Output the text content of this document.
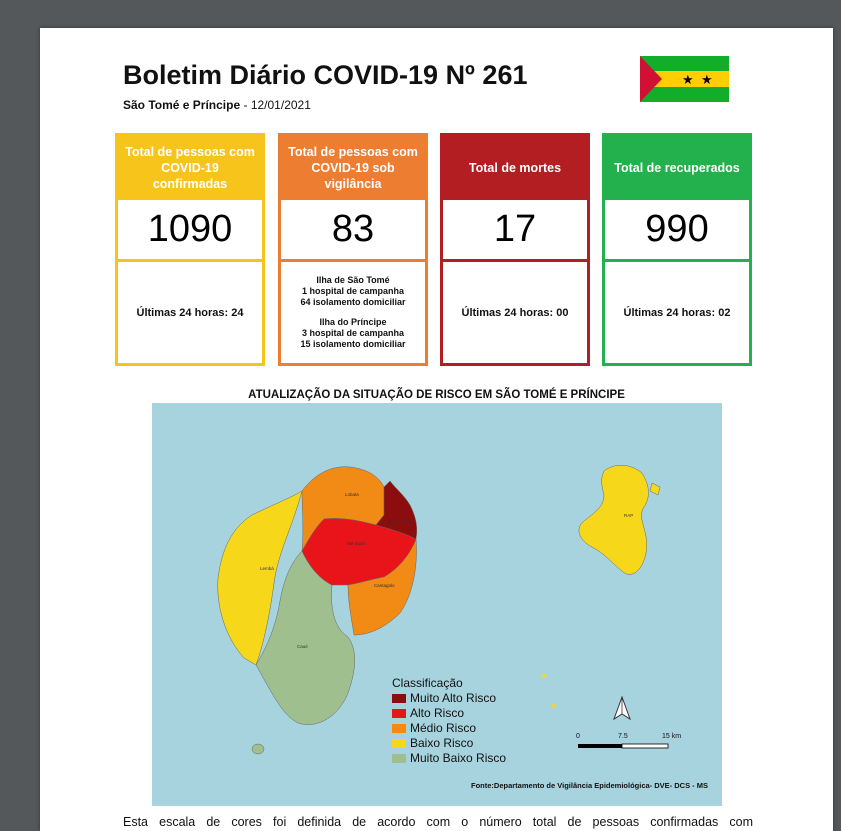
Boletim Diário COVID-19 Nº 261
São Tomé e Príncipe - 12/01/2021
★ ★
Total de pessoas com COVID-19 confirmadas
1090
Últimas 24 horas: 24
Total de pessoas com COVID-19 sob vigilância
83
Ilha de São Tomé
1 hospital de campanha
64 isolamento domiciliar
Ilha do Príncipe
3 hospital de campanha
15 isolamento domiciliar
Total de mortes
17
Últimas 24 horas: 00
Total de recuperados
990
Últimas 24 horas: 02
ATUALIZAÇÃO DA SITUAÇÃO DE RISCO EM SÃO TOMÉ E PRÍNCIPE
Lobata
Água Grande
Mé-Zochi
Cantagalo
Lembá
Caué
RAP
0	7.5	15 km
Classificação
Muito Alto Risco
Alto Risco
Médio Risco
Baixo Risco
Muito Baixo Risco
Fonte:Departamento de Vigilância Epidemiológica- DVE- DCS - MS
Esta escala de cores foi definida de acordo com o número total de pessoas confirmadas com
